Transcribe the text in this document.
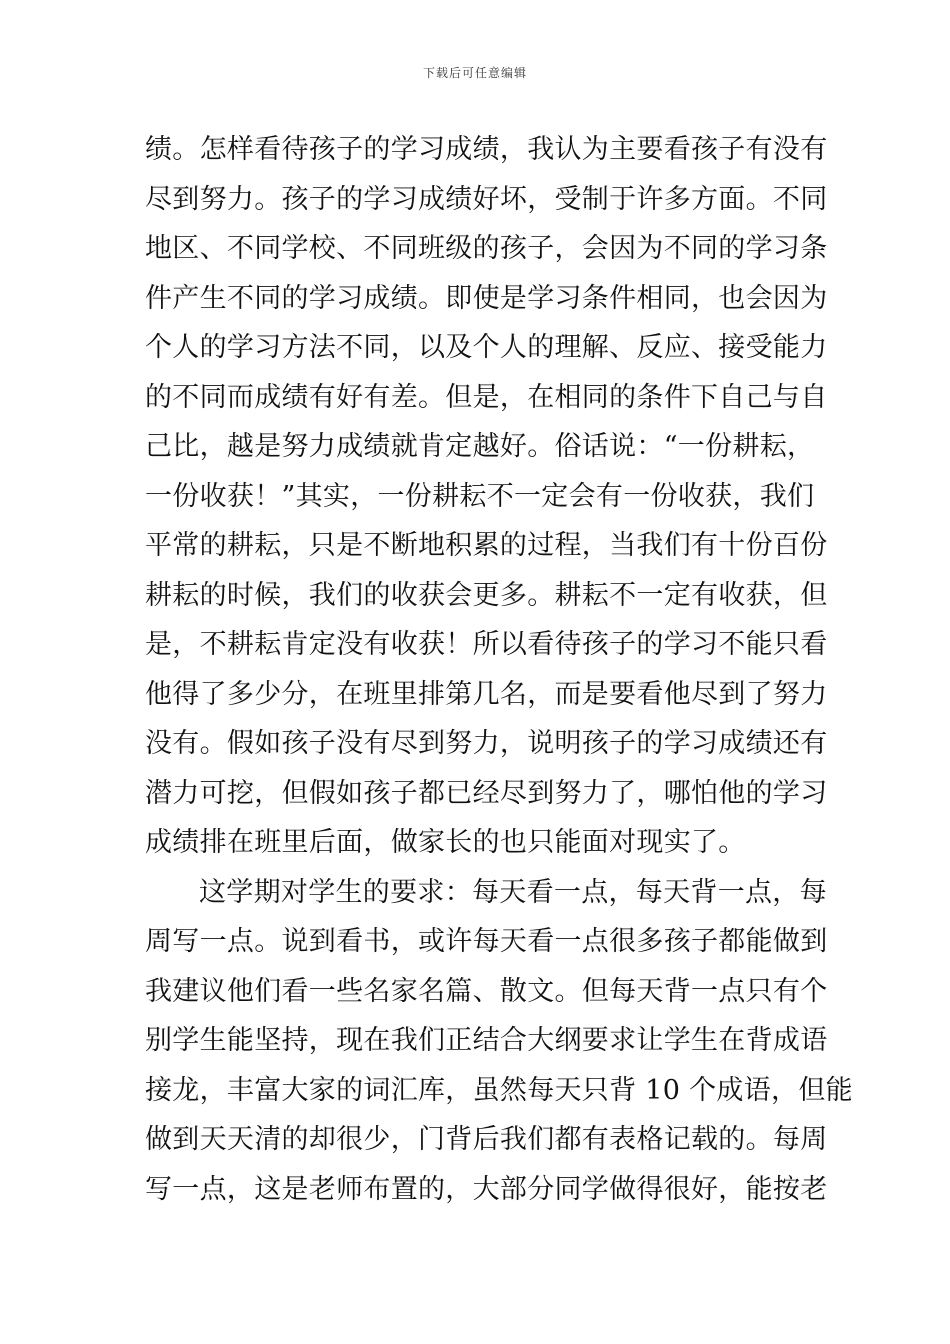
下载后可任意编辑
绩。怎样看待孩子的学习成绩，我认为主要看孩子有没有
尽到努力。孩子的学习成绩好坏，受制于许多方面。不同
地区、不同学校、不同班级的孩子，会因为不同的学习条
件产生不同的学习成绩。即使是学习条件相同，也会因为
个人的学习方法不同，以及个人的理解、反应、接受能力
的不同而成绩有好有差。但是，在相同的条件下自己与自
己比，越是努力成绩就肯定越好。俗话说：“一份耕耘，
一份收获！”其实，一份耕耘不一定会有一份收获，我们
平常的耕耘，只是不断地积累的过程，当我们有十份百份
耕耘的时候，我们的收获会更多。耕耘不一定有收获，但
是，不耕耘肯定没有收获！所以看待孩子的学习不能只看
他得了多少分，在班里排第几名，而是要看他尽到了努力
没有。假如孩子没有尽到努力，说明孩子的学习成绩还有
潜力可挖，但假如孩子都已经尽到努力了，哪怕他的学习
成绩排在班里后面，做家长的也只能面对现实了。
这学期对学生的要求：每天看一点，每天背一点，每
周写一点。说到看书，或许每天看一点很多孩子都能做到
我建议他们看一些名家名篇、散文。但每天背一点只有个
别学生能坚持，现在我们正结合大纲要求让学生在背成语
接龙，丰富大家的词汇库，虽然每天只背 10 个成语，但能
做到天天清的却很少，门背后我们都有表格记载的。每周
写一点，这是老师布置的，大部分同学做得很好，能按老
